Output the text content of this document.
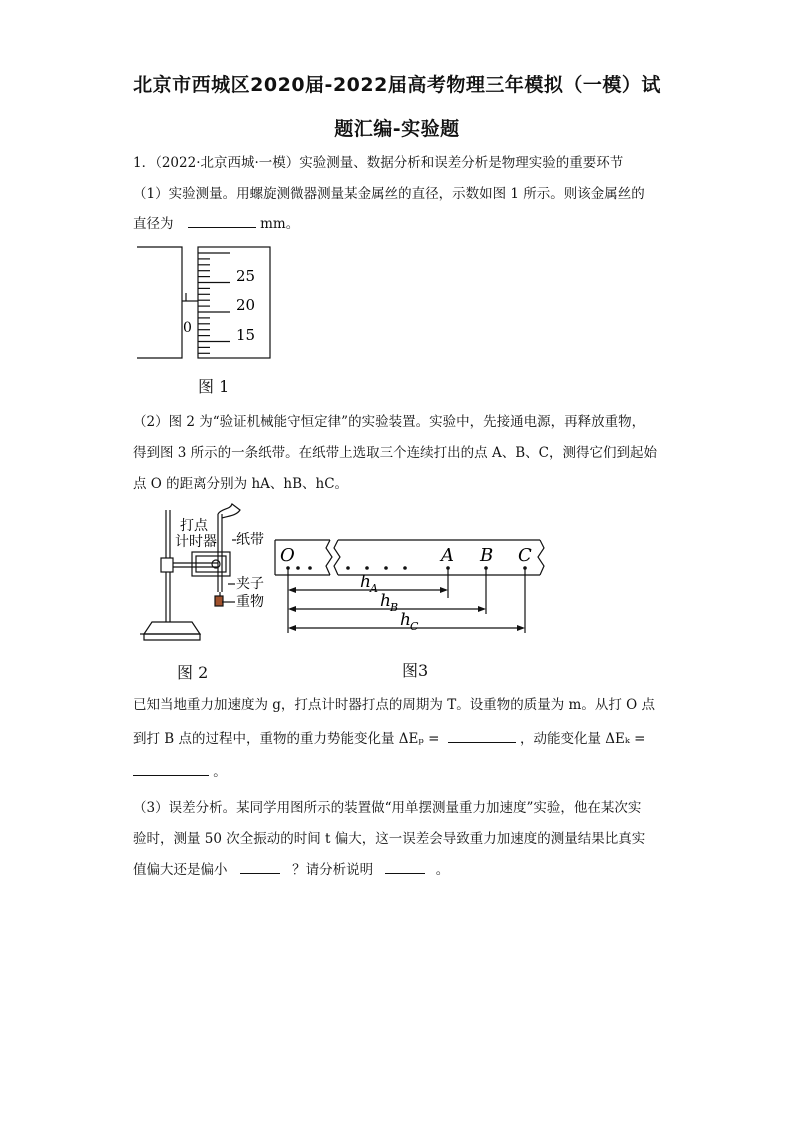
北京市西城区2020届-2022届高考物理三年模拟（一模）试
题汇编-实验题
1．（2022·北京西城·一模）实验测量、数据分析和误差分析是物理实验的重要环节
（1）实验测量。用螺旋测微器测量某金属丝的直径，示数如图 1 所示。则该金属丝的
直径为	mm。
25
20
15
0
图 1
（2）图 2 为“验证机械能守恒定律”的实验装置。实验中，先接通电源，再释放重物，
得到图 3 所示的一条纸带。在纸带上选取三个连续打出的点 A、B、C，测得它们到起始
点 O 的距离分别为 hA、hB、hC。
打点
计时器 纸带
夹子
重物
图 2
O	A B C
h A
h B
h C
图3
已知当地重力加速度为 g，打点计时器打点的周期为 T。设重物的质量为 m。从打 O 点
到打 B 点的过程中，重物的重力势能变化量 ΔEₚ =	，动能变化量 ΔEₖ =
。
（3）误差分析。某同学用图所示的装置做“用单摆测量重力加速度”实验，他在某次实
验时，测量 50 次全振动的时间 t 偏大，这一误差会导致重力加速度的测量结果比真实
值偏大还是偏小	？请分析说明	。
